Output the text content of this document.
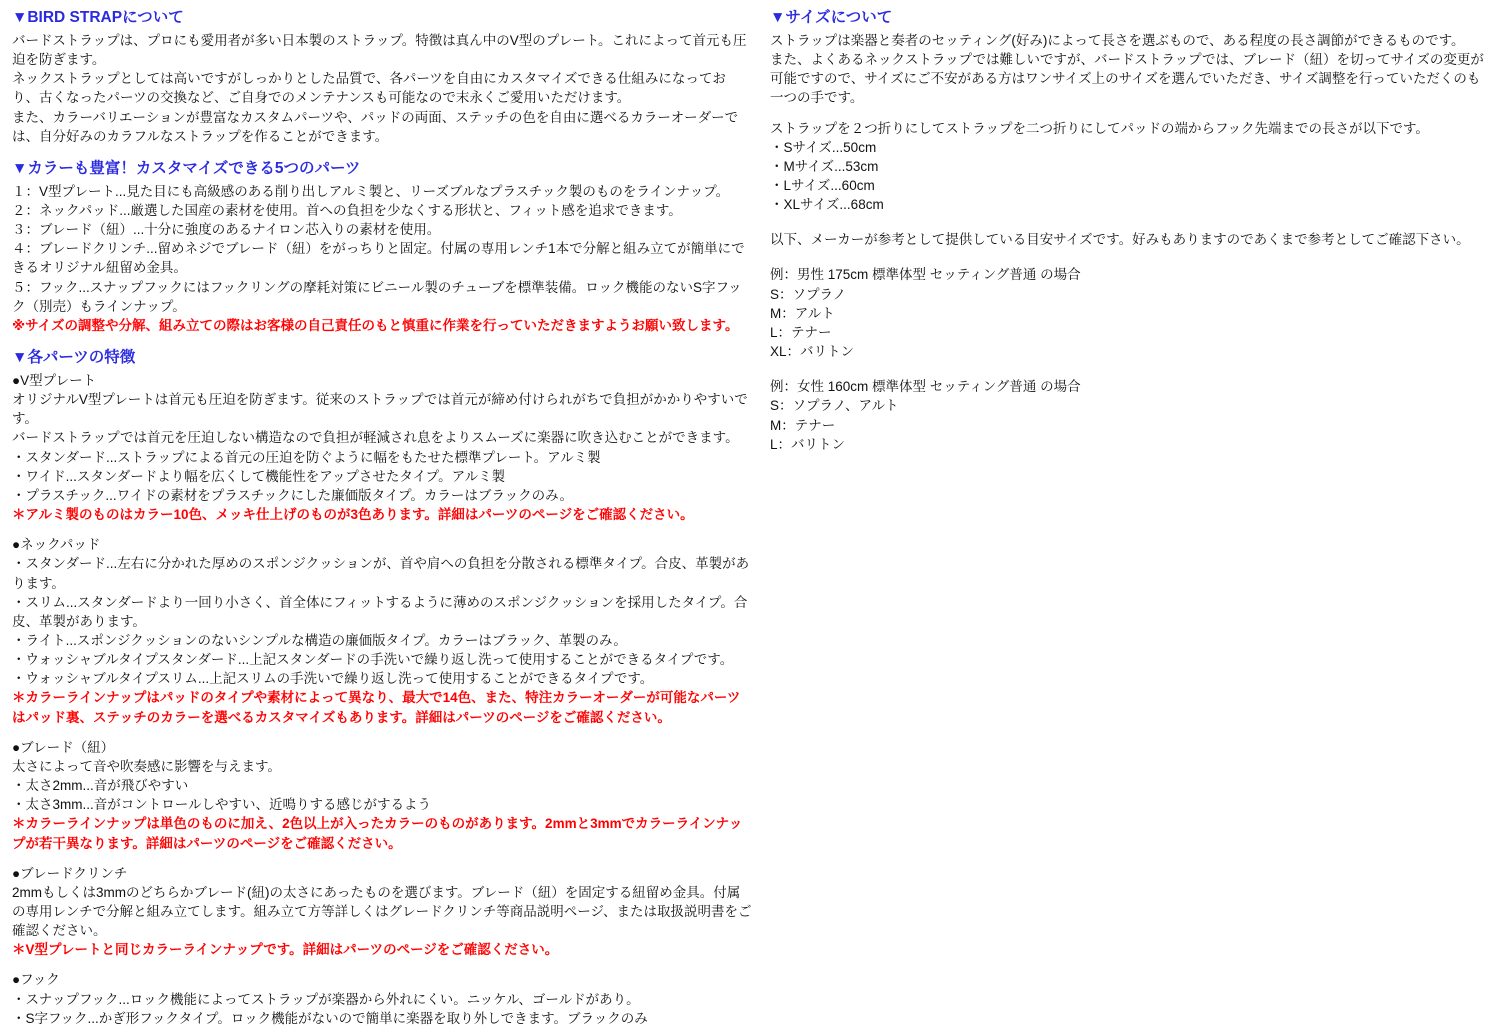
▼BIRD STRAPについて

バードストラップは、プロにも愛用者が多い日本製のストラップ。特徴は真ん中のV型のプレート。これによって首元も圧迫を防ぎます。

ネックストラップとしては高いですがしっかりとした品質で、各パーツを自由にカスタマイズできる仕組みになっており、古くなったパーツの交換など、ご自身でのメンテナンスも可能なので末永くご愛用いただけます。

また、カラーバリエーションが豊富なカスタムパーツや、パッドの両面、ステッチの色を自由に選べるカラーオーダーでは、自分好みのカラフルなストラップを作ることができます。

▼カラーも豊富！カスタマイズできる5つのパーツ

１：V型プレート...見た目にも高級感のある削り出しアルミ製と、リーズブルなプラスチック製のものをラインナップ。

２：ネックパッド...厳選した国産の素材を使用。首への負担を少なくする形状と、フィット感を追求できます。

３：ブレード（紐）...十分に強度のあるナイロン芯入りの素材を使用。

４：ブレードクリンチ...留めネジでブレード（紐）をがっちりと固定。付属の専用レンチ1本で分解と組み立てが簡単にできるオリジナル紐留め金具。

５：フック...スナップフックにはフックリングの摩耗対策にビニール製のチューブを標準装備。ロック機能のないS字フック（別売）もラインナップ。

※サイズの調整や分解、組み立ての際はお客様の自己責任のもと慎重に作業を行っていただきますようお願い致します。

▼各パーツの特徴

●V型プレート

オリジナルV型プレートは首元も圧迫を防ぎます。従来のストラップでは首元が締め付けられがちで負担がかかりやすいです。

バードストラップでは首元を圧迫しない構造なので負担が軽減され息をよりスムーズに楽器に吹き込むことができます。

・スタンダード...ストラップによる首元の圧迫を防ぐように幅をもたせた標準プレート。アルミ製

・ワイド...スタンダードより幅を広くして機能性をアップさせたタイプ。アルミ製

・プラスチック...ワイドの素材をプラスチックにした廉価版タイプ。カラーはブラックのみ。

＊アルミ製のものはカラー10色、メッキ仕上げのものが3色あります。詳細はパーツのページをご確認ください。

●ネックパッド

・スタンダード...左右に分かれた厚めのスポンジクッションが、首や肩への負担を分散される標準タイプ。合皮、革製があります。

・スリム...スタンダードより一回り小さく、首全体にフィットするように薄めのスポンジクッションを採用したタイプ。合皮、革製があります。

・ライト...スポンジクッションのないシンプルな構造の廉価版タイプ。カラーはブラック、革製のみ。

・ウォッシャブルタイプスタンダード...上記スタンダードの手洗いで繰り返し洗って使用することができるタイプです。

・ウォッシャブルタイプスリム...上記スリムの手洗いで繰り返し洗って使用することができるタイプです。

＊カラーラインナップはパッドのタイプや素材によって異なり、最大で14色、また、特注カラーオーダーが可能なパーツはパッド裏、ステッチのカラーを選べるカスタマイズもあります。詳細はパーツのページをご確認ください。

●ブレード（紐）

太さによって音や吹奏感に影響を与えます。

・太さ2mm...音が飛びやすい

・太さ3mm...音がコントロールしやすい、近鳴りする感じがするよう

＊カラーラインナップは単色のものに加え、2色以上が入ったカラーのものがあります。2mmと3mmでカラーラインナップが若干異なります。詳細はパーツのページをご確認ください。

●ブレードクリンチ

2mmもしくは3mmのどちらかブレード(紐)の太さにあったものを選びます。ブレード（紐）を固定する紐留め金具。付属の専用レンチで分解と組み立てします。組み立て方等詳しくはグレードクリンチ等商品説明ページ、または取扱説明書をご確認ください。

＊V型プレートと同じカラーラインナップです。詳細はパーツのページをご確認ください。

●フック

・スナップフック...ロック機能によってストラップが楽器から外れにくい。ニッケル、ゴールドがあり。

・S字フック...かぎ形フックタイプ。ロック機能がないので簡単に楽器を取り外しできます。ブラックのみ

▼サイズについて

ストラップは楽器と奏者のセッティング(好み)によって長さを選ぶもので、ある程度の長さ調節ができるものです。

また、よくあるネックストラップでは難しいですが、バードストラップでは、ブレード（紐）を切ってサイズの変更が可能ですので、サイズにご不安がある方はワンサイズ上のサイズを選んでいただき、サイズ調整を行っていただくのも一つの手です。

ストラップを２つ折りにしてストラップを二つ折りにしてパッドの端からフック先端までの長さが以下です。

・Sサイズ...50cm

・Mサイズ...53cm

・Lサイズ...60cm

・XLサイズ...68cm

以下、メーカーが参考として提供している目安サイズです。好みもありますのであくまで参考としてご確認下さい。

例：男性 175cm 標準体型 セッティング普通 の場合

S：ソプラノ

M：アルト

L：テナー

XL：バリトン

例：女性 160cm 標準体型 セッティング普通 の場合

S：ソプラノ、アルト

M：テナー

L：バリトン
